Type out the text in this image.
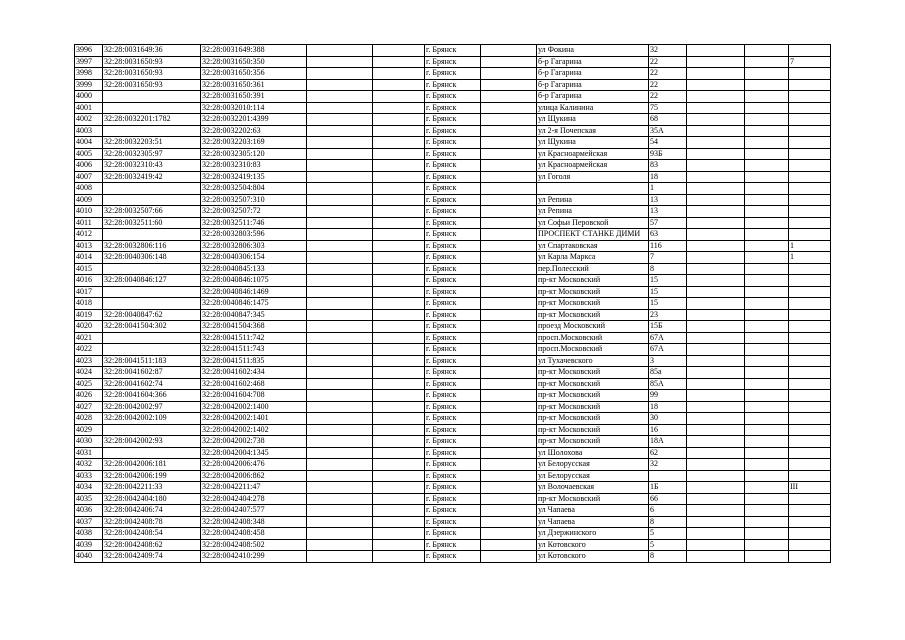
3996	32:28:0031649:36	32:28:0031649:388			г. Брянск		ул Фокина	32			
3997	32:28:0031650:93	32:28:0031650:350			г. Брянск		б-р Гагарина	22			7
3998	32:28:0031650:93	32:28:0031650:356			г. Брянск		б-р Гагарина	22			
3999	32:28:0031650:93	32:28:0031650:361			г. Брянск		б-р Гагарина	22			
4000		32:28:0031650:391			г. Брянск		б-р Гагарина	22			
4001		32:28:0032010:114			г. Брянск		улица Калинина	75			
4002	32:28:0032201:1782	32:28:0032201:4399			г. Брянск		ул Щукина	68			
4003		32:28:0032202:63			г. Брянск		ул 2-я Почепская	35А			
4004	32:28:0032203:51	32:28:0032203:169			г. Брянск		ул Щукина	54			
4005	32:28:0032305:97	32:28:0032305:120			г. Брянск		ул Красноармейская	93Б			
4006	32:28:0032310:43	32:28:0032310:83			г. Брянск		ул Красноармейская	83			
4007	32:28:0032419:42	32:28:0032419:135			г. Брянск		ул Гоголя	18			
4008		32:28:0032504:804			г. Брянск			1			
4009		32:28:0032507:310			г. Брянск		ул Репина	13			
4010	32:28:0032507:66	32:28:0032507:72			г. Брянск		ул Репина	13			
4011	32:28:0032511:60	32:28:0032511:746			г. Брянск		ул Софьи Перовской	57			
4012		32:28:0032803:596			г. Брянск		ПРОСПЕКТ СТАНКЕ ДИМИ	63			
4013	32:28:0032806:116	32:28:0032806:303			г. Брянск		ул Спартаковская	116			1
4014	32:28:0040306:148	32:28:0040306:154			г. Брянск		ул Карла Маркса	7			1
4015		32:28:0040845:133			г. Брянск		пер.Полесский	8			
4016	32:28:0040846:127	32:28:0040846:1075			г. Брянск		пр-кт Московский	15			
4017		32:28:0040846:1469			г. Брянск		пр-кт Московский	15			
4018		32:28:0040846:1475			г. Брянск		пр-кт Московский	15			
4019	32:28:0040847:62	32:28:0040847:345			г. Брянск		пр-кт Московский	23			
4020	32:28:0041504:302	32:28:0041504:368			г. Брянск		проезд Московский	15Б			
4021		32:28:0041511:742			г. Брянск		просп.Московский	67А			
4022		32:28:0041511:743			г. Брянск		просп.Московский	67А			
4023	32:28:0041511:183	32:28:0041511:835			г. Брянск		ул Тухачевского	3			
4024	32:28:0041602:87	32:28:0041602:434			г. Брянск		пр-кт Московский	85а			
4025	32:28:0041602:74	32:28:0041602:468			г. Брянск		пр-кт Московский	85А			
4026	32:28:0041604:366	32:28:0041604:708			г. Брянск		пр-кт Московский	99			
4027	32:28:0042002:97	32:28:0042002:1400			г. Брянск		пр-кт Московский	18			
4028	32:28:0042002:109	32:28:0042002:1401			г. Брянск		пр-кт Московский	30			
4029		32:28:0042002:1402			г. Брянск		пр-кт Московский	16			
4030	32:28:0042002:93	32:28:0042002:738			г. Брянск		пр-кт Московский	18А			
4031		32:28:0042004:1345			г. Брянск		ул Шолохова	62			
4032	32:28:0042006:181	32:28:0042006:476			г. Брянск		ул Белорусская	32			
4033	32:28:0042006:199	32:28:0042006:862			г. Брянск		ул Белорусская				
4034	32:28:0042211:33	32:28:0042211:47			г. Брянск		ул Волочаевская	1Б			III
4035	32:28:0042404:180	32:28:0042404:278			г. Брянск		пр-кт Московский	66			
4036	32:28:0042406:74	32:28:0042407:577			г. Брянск		ул Чапаева	6			
4037	32:28:0042408:78	32:28:0042408:348			г. Брянск		ул Чапаева	8			
4038	32:28:0042408:54	32:28:0042408:458			г. Брянск		ул Дзержинского	5			
4039	32:28:0042408:62	32:28:0042408:502			г. Брянск		ул Котовского	5			
4040	32:28:0042409:74	32:28:0042410:299			г. Брянск		ул Котовского	8			
